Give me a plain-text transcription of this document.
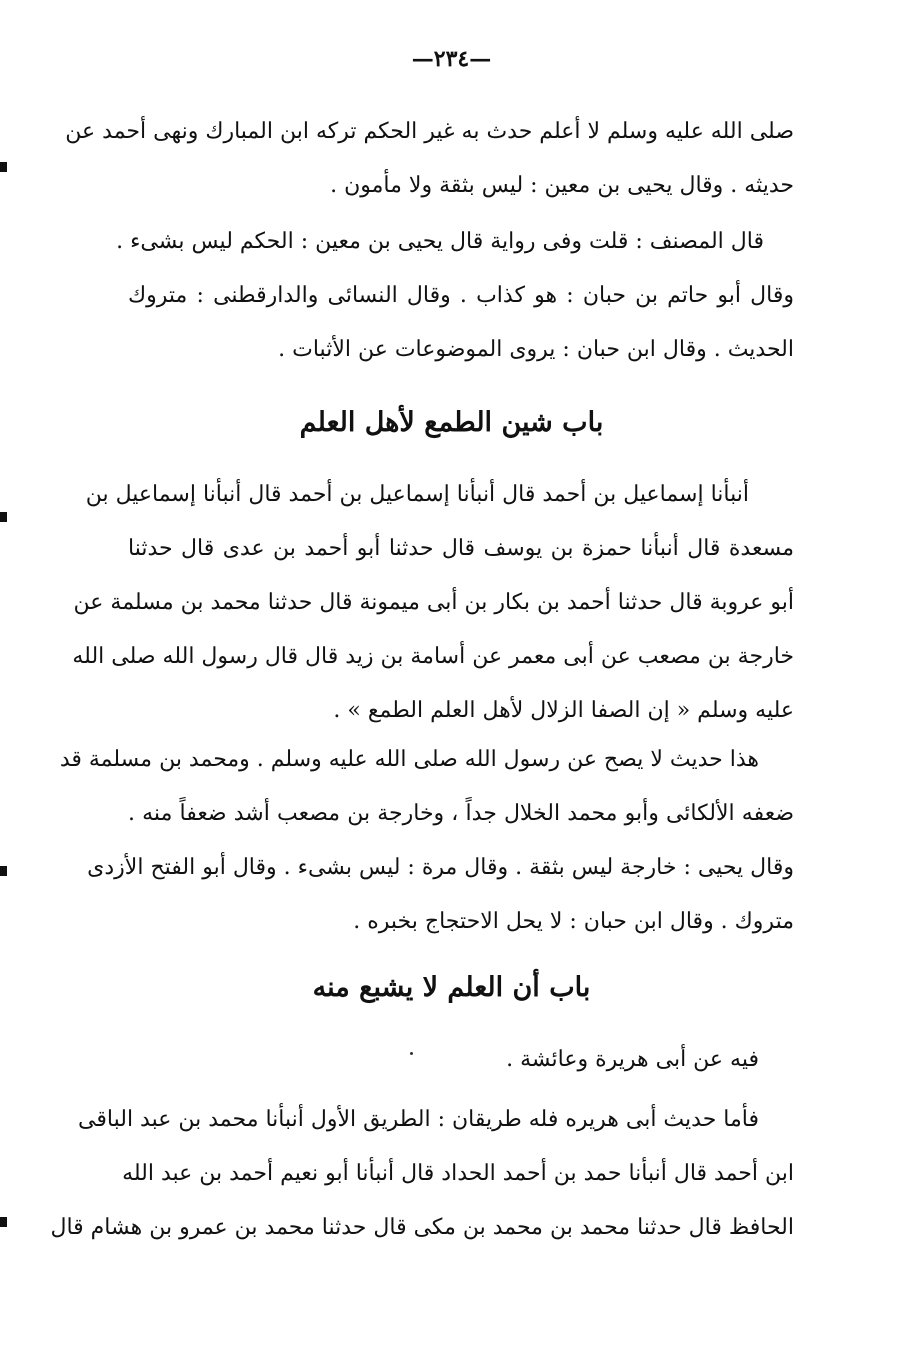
—٢٣٤—
صلى الله عليه وسلم لا أعلم حدث به غير الحكم تركه ابن المبارك ونهى أحمد عن
حديثه . وقال يحيى بن معين : ليس بثقة ولا مأمون .
قال المصنف : قلت وفى رواية قال يحيى بن معين : الحكم ليس بشىء .
وقال أبو حاتم بن حبان : هو كذاب . وقال النسائى والدارقطنى : متروك
الحديث . وقال ابن حبان : يروى الموضوعات عن الأثبات .
باب شين الطمع لأهل العلم
أنبأنا إسماعيل بن أحمد قال أنبأنا إسماعيل بن أحمد قال أنبأنا إسماعيل بن
مسعدة قال أنبأنا حمزة بن يوسف قال حدثنا أبو أحمد بن عدى قال حدثنا
أبو عروبة قال حدثنا أحمد بن بكار بن أبى ميمونة قال حدثنا محمد بن مسلمة عن
خارجة بن مصعب عن أبى معمر عن أسامة بن زيد قال قال رسول الله صلى الله
عليه وسلم « إن الصفا الزلال لأهل العلم الطمع » .
هذا حديث لا يصح عن رسول الله صلى الله عليه وسلم . ومحمد بن مسلمة قد
ضعفه الألكائى وأبو محمد الخلال جداً ، وخارجة بن مصعب أشد ضعفاً منه .
وقال يحيى : خارجة ليس بثقة . وقال مرة : ليس بشىء . وقال أبو الفتح الأزدى
متروك . وقال ابن حبان : لا يحل الاحتجاج بخبره .
باب أن العلم لا يشبع منه
فيه عن أبى هريرة وعائشة .
فأما حديث أبى هريره فله طريقان : الطريق الأول أنبأنا محمد بن عبد الباقى
ابن أحمد قال أنبأنا حمد بن أحمد الحداد قال أنبأنا أبو نعيم أحمد بن عبد الله
الحافظ قال حدثنا محمد بن محمد بن مكى قال حدثنا محمد بن عمرو بن هشام قال
